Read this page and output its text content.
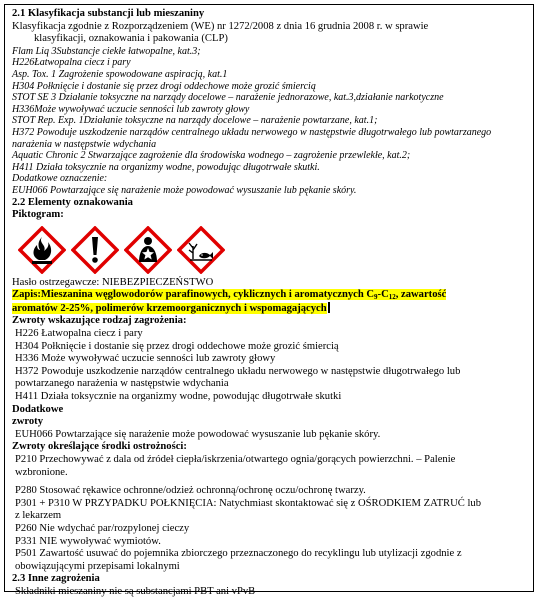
2.1 Klasyfikacja substancji lub mieszaniny
Klasyfikacja zgodnie z Rozporządzeniem (WE) nr 1272/2008 z dnia 16 grudnia 2008 r. w sprawie
klasyfikacji, oznakowania i pakowania (CLP)
Flam Liq 3Substancje ciekłe łatwopalne, kat.3;
H226Łatwopalna ciecz i pary
Asp. Tox. 1 Zagrożenie spowodowane aspiracją, kat.1
H304 Połknięcie i dostanie się przez drogi oddechowe może grozić śmiercią
STOT SE 3 Działanie toksyczne na narządy docelowe – narażenie jednorazowe, kat.3,działanie narkotyczne
H336Może wywoływać uczucie senności lub zawroty głowy
STOT Rep. Exp. 1Działanie toksyczne na narządy docelowe – narażenie powtarzane, kat.1;
H372 Powoduje uszkodzenie narządów centralnego układu nerwowego w następstwie długotrwałego lub powtarzanego
narażenia w następstwie wdychania
Aquatic Chronic 2 Stwarzające zagrożenie dla środowiska wodnego – zagrożenie przewlekłe, kat.2;
H411 Działa toksycznie na organizmy wodne, powodując długotrwałe skutki.
Dodatkowe oznaczenie:
EUH066 Powtarzające się narażenie może powodować wysuszanie lub pękanie skóry.
2.2 Elementy oznakowania
Piktogram:
Hasło ostrzegawcze: NIEBEZPIECZEŃSTWO
Zapis:Mieszanina węglowodorów parafinowych, cyklicznych i aromatycznych $C_9-C_{12}$, zawartość
aromatów 2-25%, polimerów krzemoorganicznych i wspomagających
Zwroty wskazujące rodzaj zagrożenia:
H226 Łatwopalna ciecz i pary
H304 Połknięcie i dostanie się przez drogi oddechowe może grozić śmiercią
H336 Może wywoływać uczucie senności lub zawroty głowy
H372 Powoduje uszkodzenie narządów centralnego układu nerwowego w następstwie długotrwałego lub
powtarzanego narażenia w następstwie wdychania
H411 Działa toksycznie na organizmy wodne, powodując długotrwałe skutki
Dodatkowe
zwroty
EUH066 Powtarzające się narażenie może powodować wysuszanie lub pękanie skóry.
Zwroty określające środki ostrożności:
P210 Przechowywać z dala od źródeł ciepła/iskrzenia/otwartego ognia/gorących powierzchni. – Palenie
wzbronione.
P280 Stosować rękawice ochronne/odzież ochronną/ochronę oczu/ochronę twarzy.
P301 + P310 W PRZYPADKU POŁKNIĘCIA: Natychmiast skontaktować się z OŚRODKIEM ZATRUĆ lub
z lekarzem
P260 Nie wdychać par/rozpylonej cieczy
P331 NIE wywoływać wymiotów.
P501 Zawartość usuwać do pojemnika zbiorczego przeznaczonego do recyklingu lub utylizacji zgodnie z
obowiązującymi przepisami lokalnymi
2.3 Inne zagrożenia
Składniki mieszaniny nie są substancjami PBT ani vPvB
